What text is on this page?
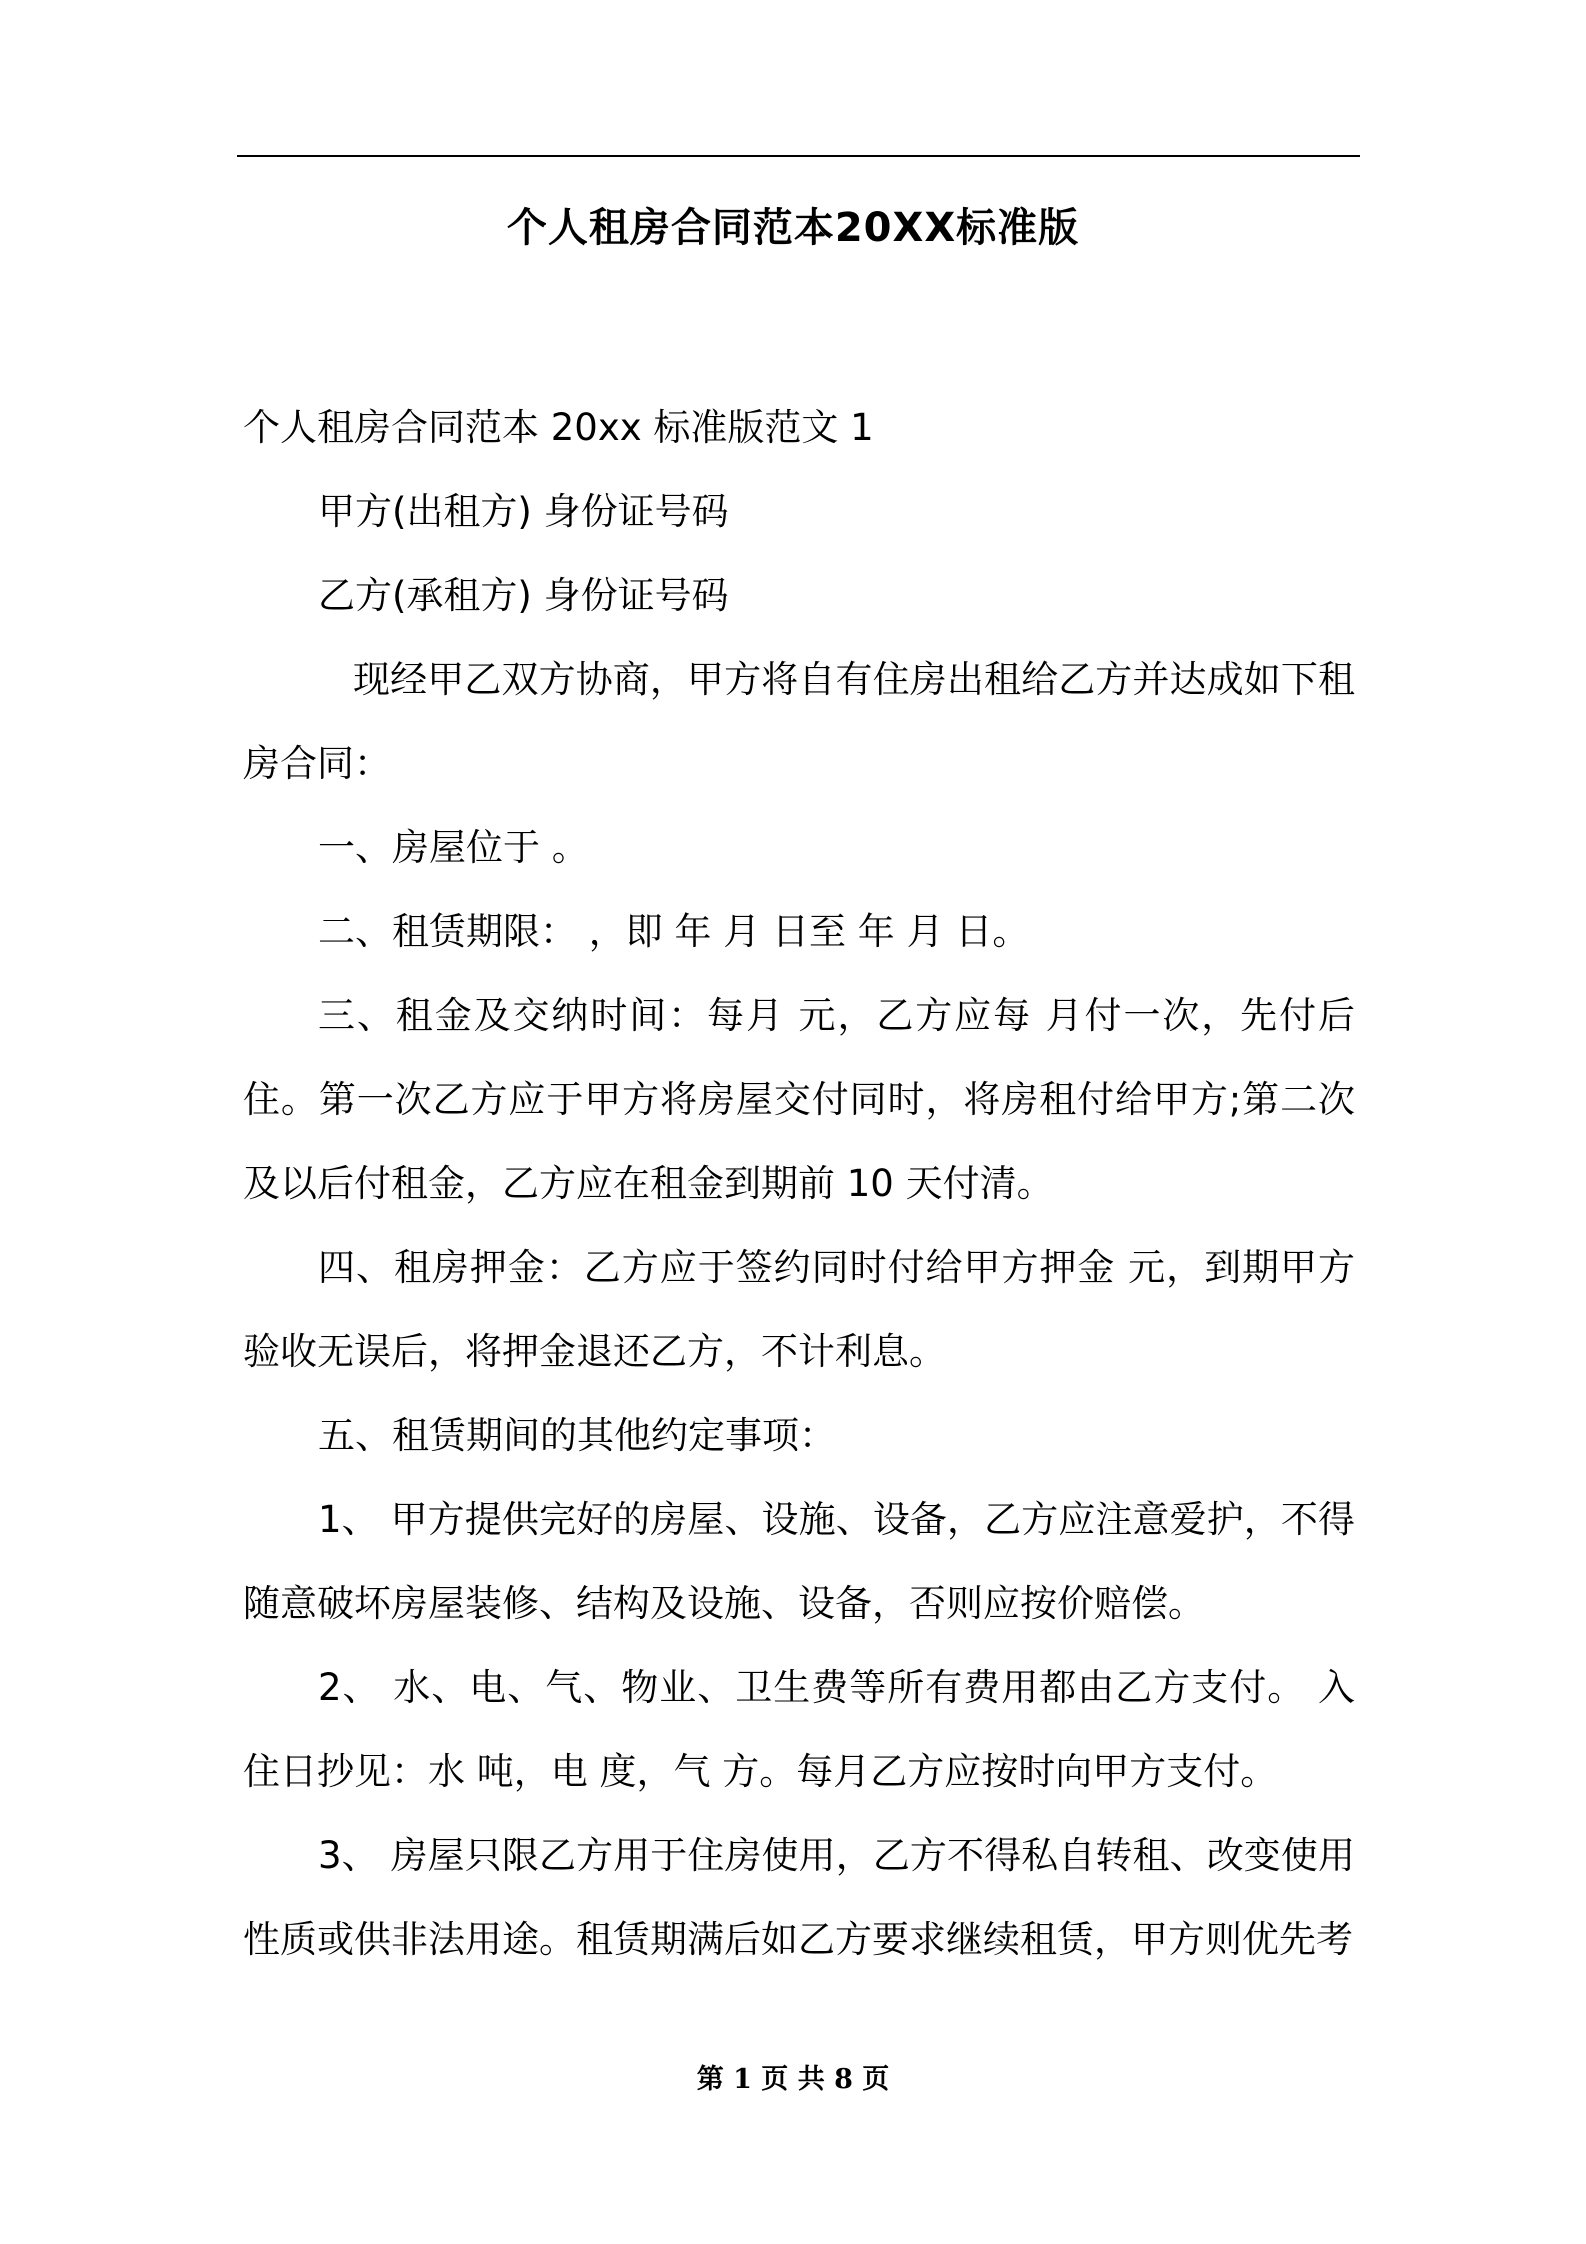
个人租房合同范本20XX标准版

个人租房合同范本 20xx 标准版范文 1

甲方(出租方) 身份证号码

乙方(承租方) 身份证号码

现经甲乙双方协商，甲方将自有住房出租给乙方并达成如下租房合同：

一、房屋位于 。

二、租赁期限： ，即 年 月 日至 年 月 日。

三、租金及交纳时间：每月 元，乙方应每 月付一次，先付后住。第一次乙方应于甲方将房屋交付同时，将房租付给甲方;第二次及以后付租金，乙方应在租金到期前 10 天付清。

四、租房押金：乙方应于签约同时付给甲方押金 元，到期甲方验收无误后，将押金退还乙方，不计利息。

五、租赁期间的其他约定事项：

1、 甲方提供完好的房屋、设施、设备，乙方应注意爱护，不得随意破坏房屋装修、结构及设施、设备，否则应按价赔偿。

2、 水、电、气、物业、卫生费等所有费用都由乙方支付。 入住日抄见：水 吨，电 度，气 方。每月乙方应按时向甲方支付。

3、 房屋只限乙方用于住房使用，乙方不得私自转租、改变使用性质或供非法用途。租赁期满后如乙方要求继续租赁，甲方则优先考

第 1 页 共 8 页
